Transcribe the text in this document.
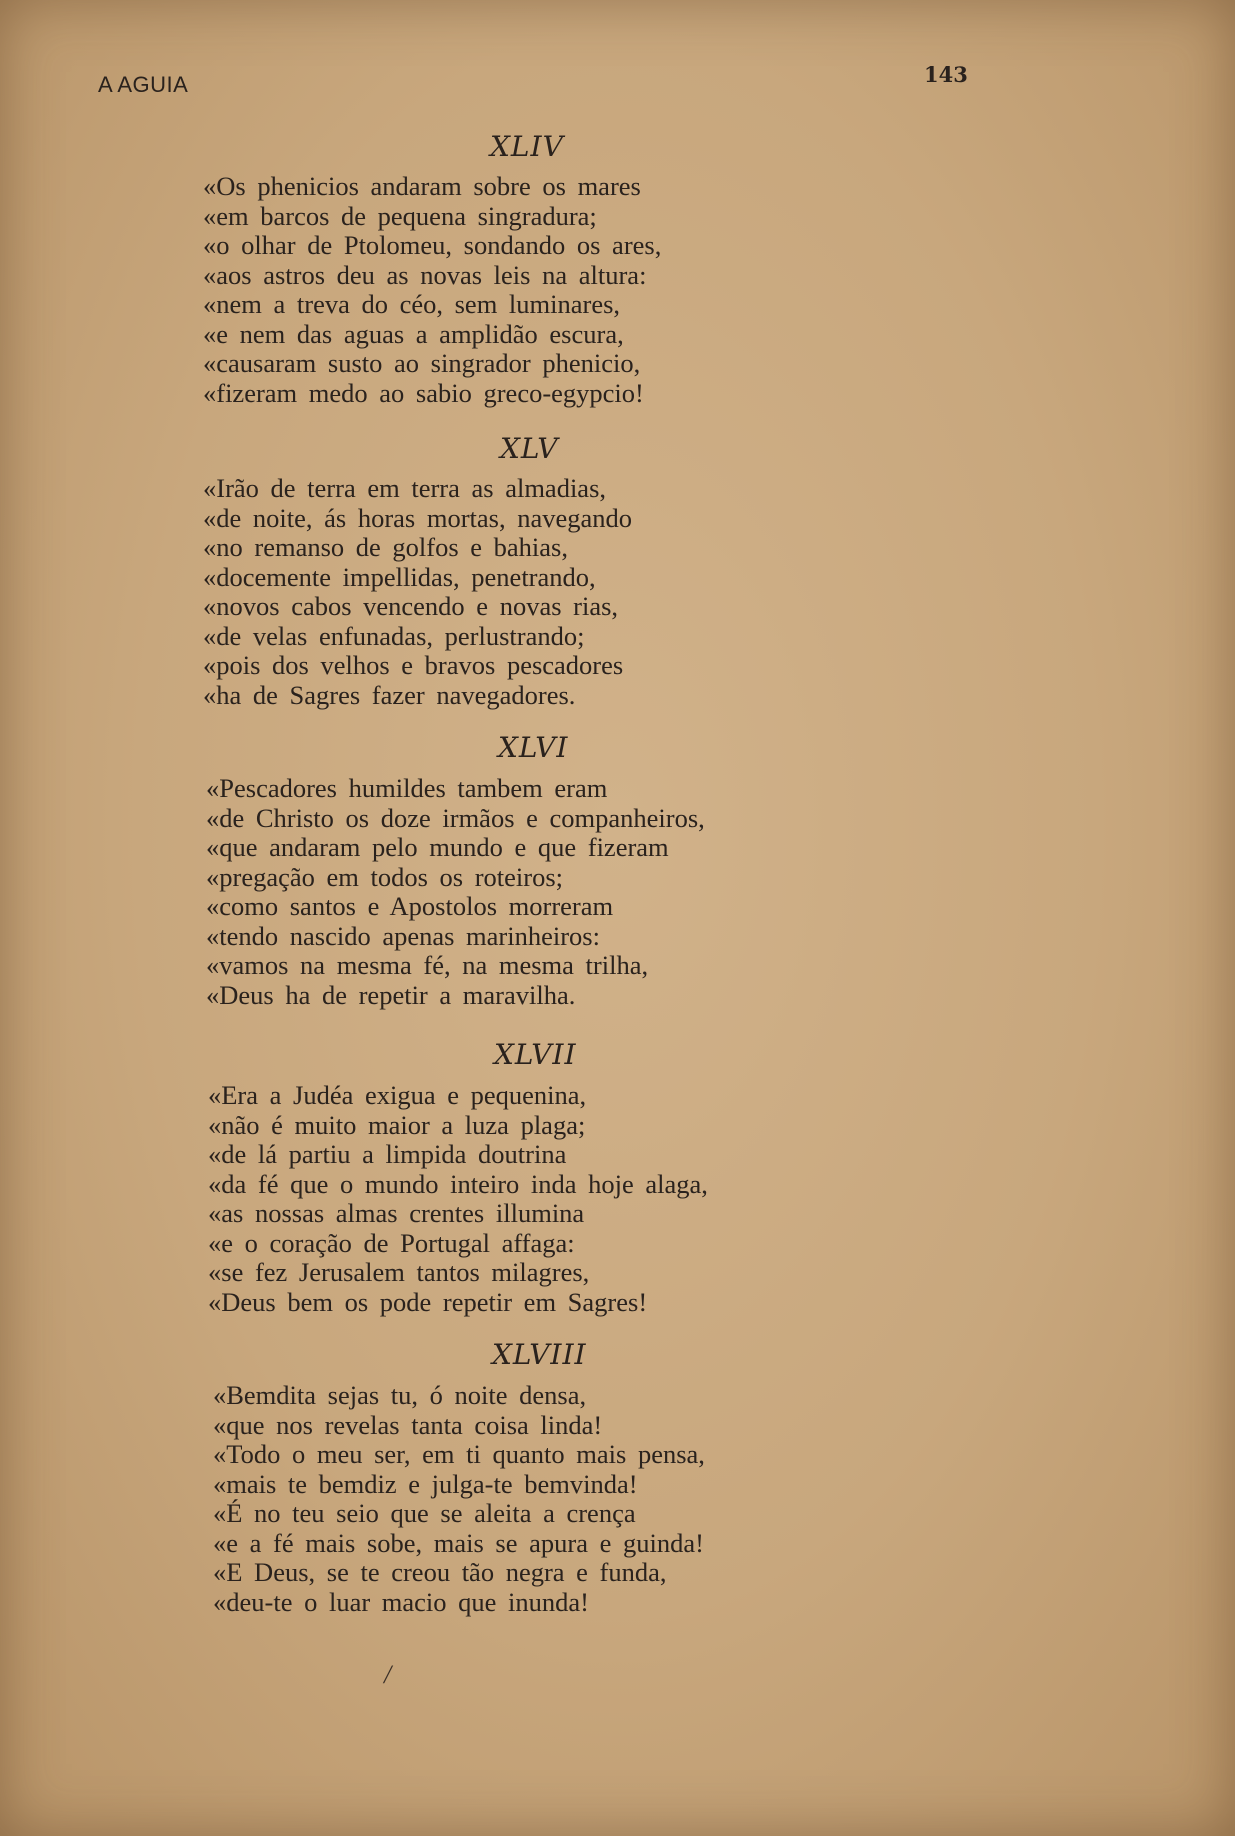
A AGUIA	143
XLIV
«Os phenicios andaram sobre os mares
«em barcos de pequena singradura;
«o olhar de Ptolomeu, sondando os ares,
«aos astros deu as novas leis na altura:
«nem a treva do céo, sem luminares,
«e nem das aguas a amplidão escura,
«causaram susto ao singrador phenicio,
«fizeram medo ao sabio greco-egypcio!
XLV
«Irão de terra em terra as almadias,
«de noite, ás horas mortas, navegando
«no remanso de golfos e bahias,
«docemente impellidas, penetrando,
«novos cabos vencendo e novas rias,
«de velas enfunadas, perlustrando;
«pois dos velhos e bravos pescadores
«ha de Sagres fazer navegadores.
XLVI
«Pescadores humildes tambem eram
«de Christo os doze irmãos e companheiros,
«que andaram pelo mundo e que fizeram
«pregação em todos os roteiros;
«como santos e Apostolos morreram
«tendo nascido apenas marinheiros:
«vamos na mesma fé, na mesma trilha,
«Deus ha de repetir a maravilha.
XLVII
«Era a Judéa exigua e pequenina,
«não é muito maior a luza plaga;
«de lá partiu a limpida doutrina
«da fé que o mundo inteiro inda hoje alaga,
«as nossas almas crentes illumina
«e o coração de Portugal affaga:
«se fez Jerusalem tantos milagres,
«Deus bem os pode repetir em Sagres!
XLVIII
«Bemdita sejas tu, ó noite densa,
«que nos revelas tanta coisa linda!
«Todo o meu ser, em ti quanto mais pensa,
«mais te bemdiz e julga-te bemvinda!
«É no teu seio que se aleita a crença
«e a fé mais sobe, mais se apura e guinda!
«E Deus, se te creou tão negra e funda,
«deu-te o luar macio que inunda!
/
